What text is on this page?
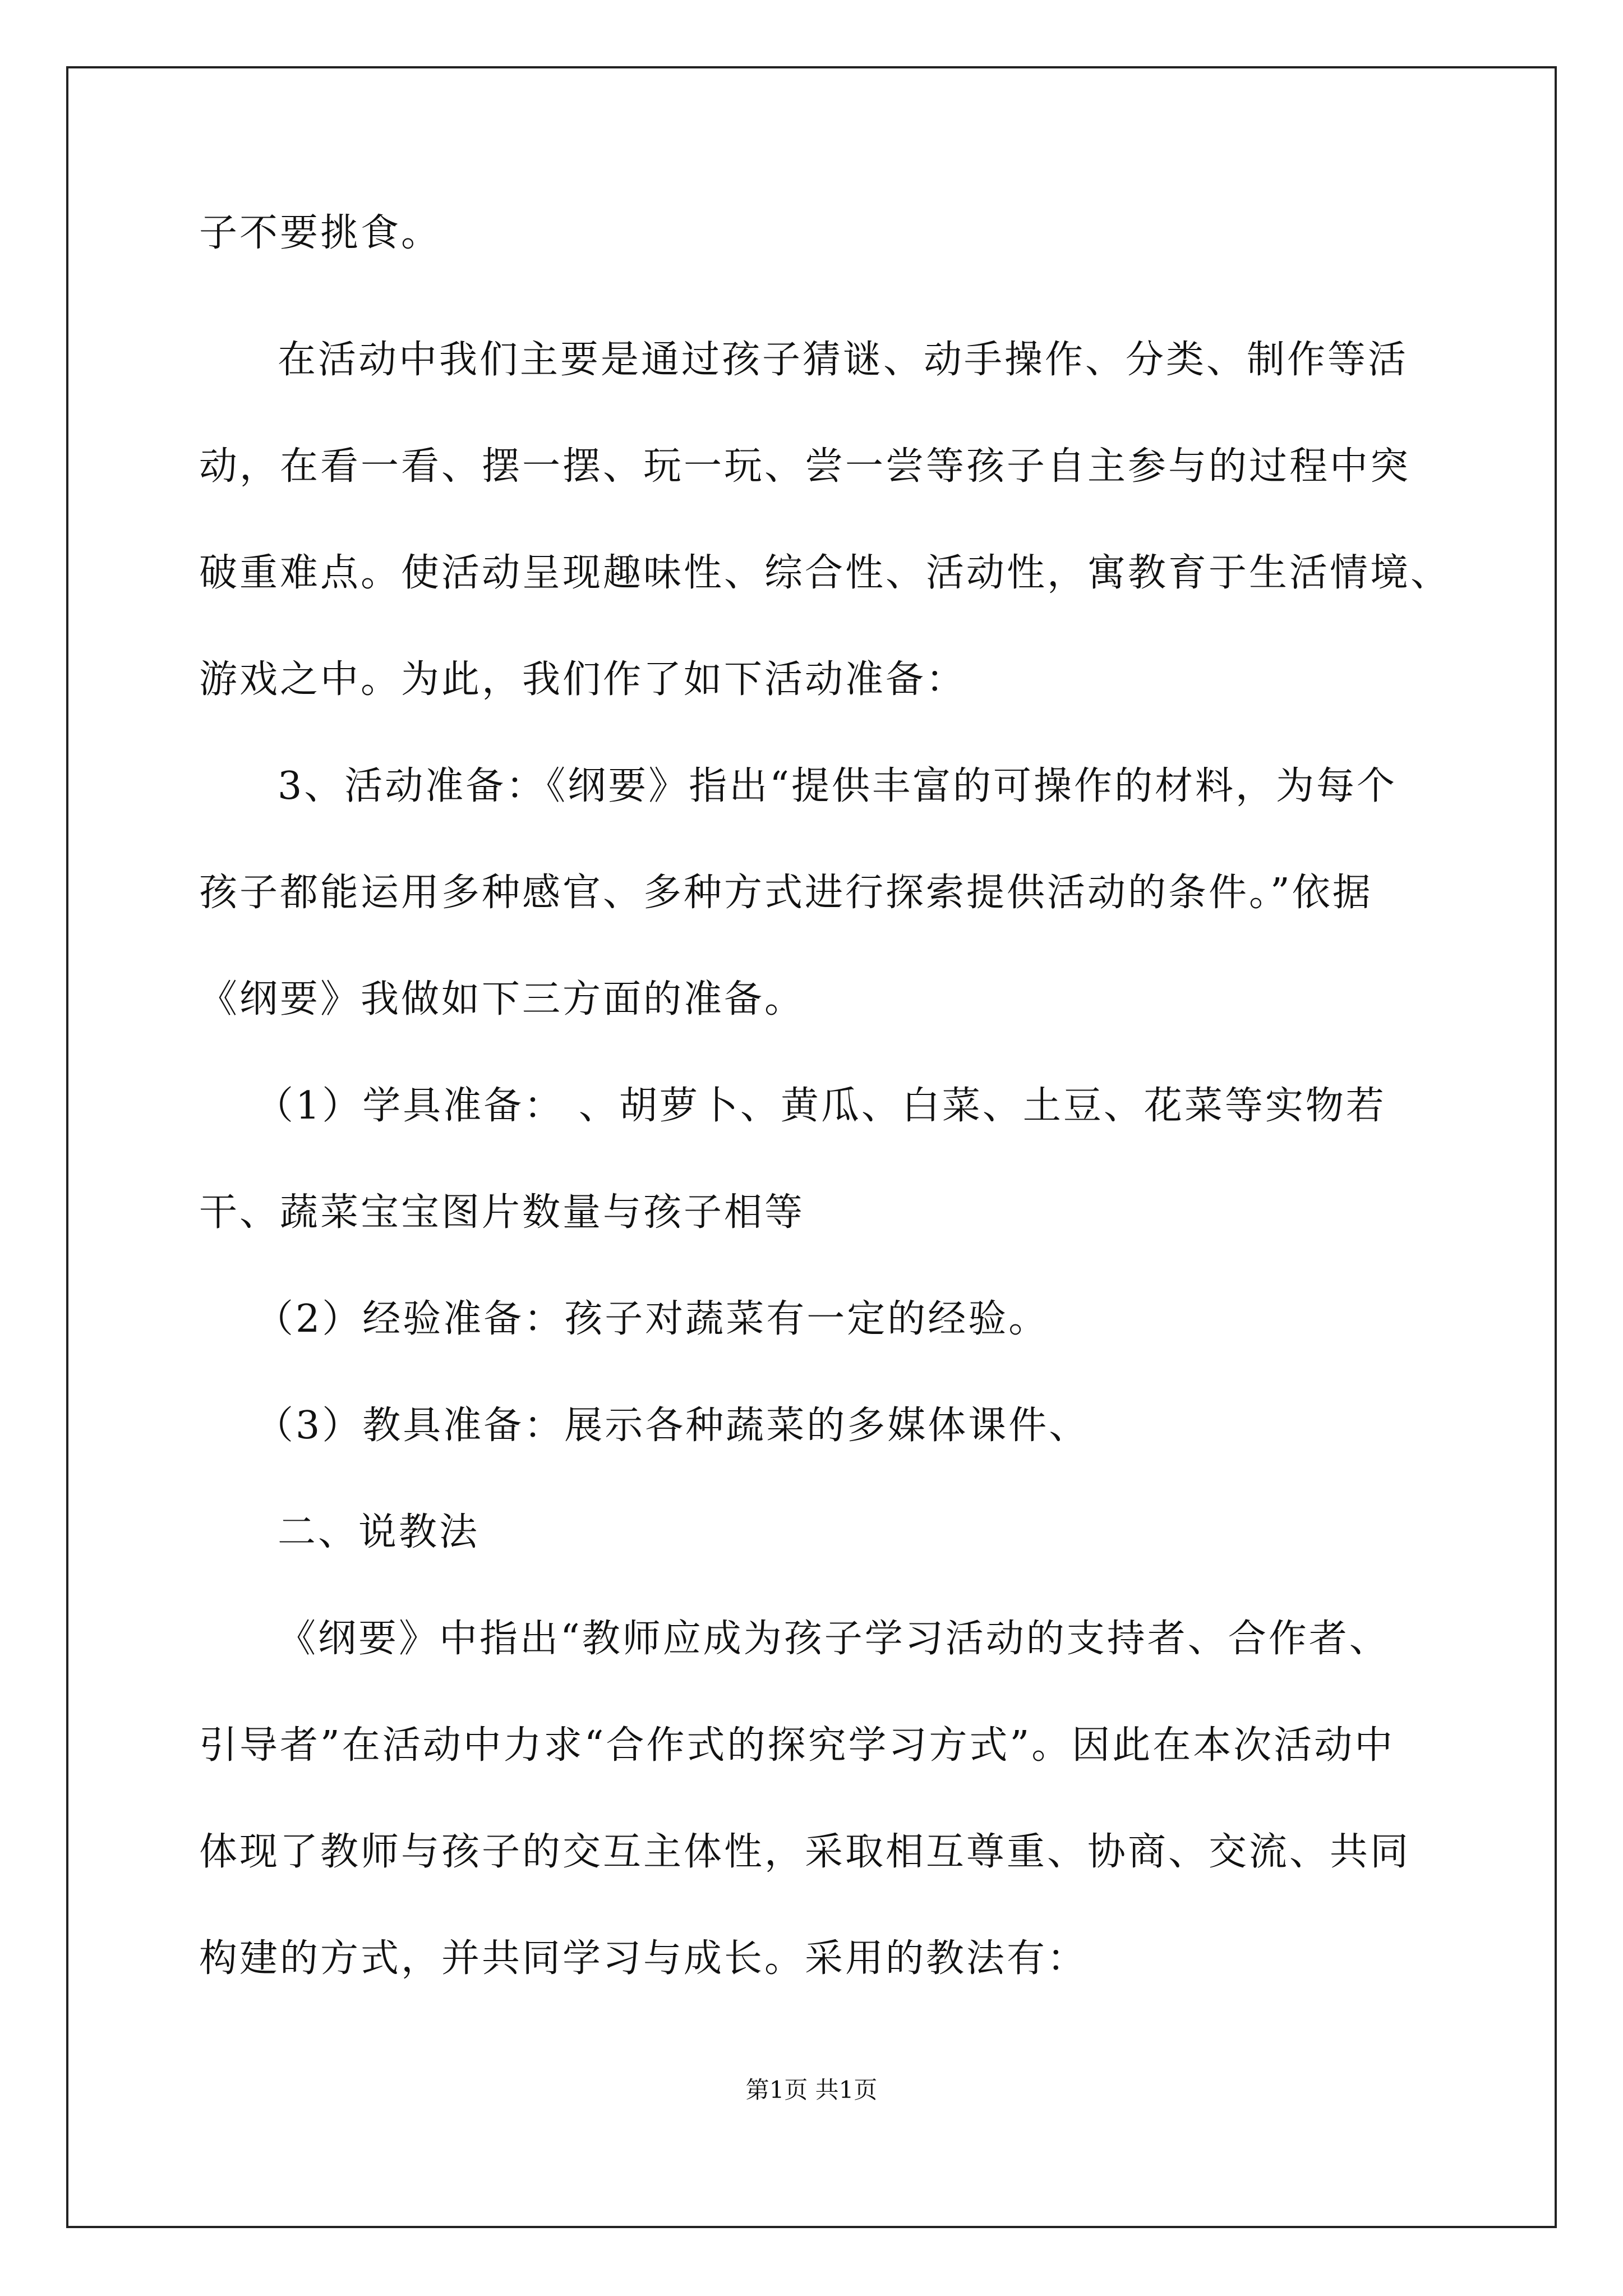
子不要挑食。
在活动中我们主要是通过孩子猜谜、动手操作、分类、制作等活
动，在看一看、摆一摆、玩一玩、尝一尝等孩子自主参与的过程中突
破重难点。使活动呈现趣味性、综合性、活动性，寓教育于生活情境、
游戏之中。为此，我们作了如下活动准备：
3、活动准备：《纲要》指出“提供丰富的可操作的材料，为每个
孩子都能运用多种感官、多种方式进行探索提供活动的条件。”依据
《纲要》我做如下三方面的准备。
（1）学具准备： 、胡萝卜、黄瓜、白菜、土豆、花菜等实物若
干、蔬菜宝宝图片数量与孩子相等
（2）经验准备：孩子对蔬菜有一定的经验。
（3）教具准备：展示各种蔬菜的多媒体课件、
二、说教法
《纲要》中指出“教师应成为孩子学习活动的支持者、合作者、
引导者”在活动中力求“合作式的探究学习方式”。因此在本次活动中
体现了教师与孩子的交互主体性，采取相互尊重、协商、交流、共同
构建的方式，并共同学习与成长。采用的教法有：
第1页 共1页
